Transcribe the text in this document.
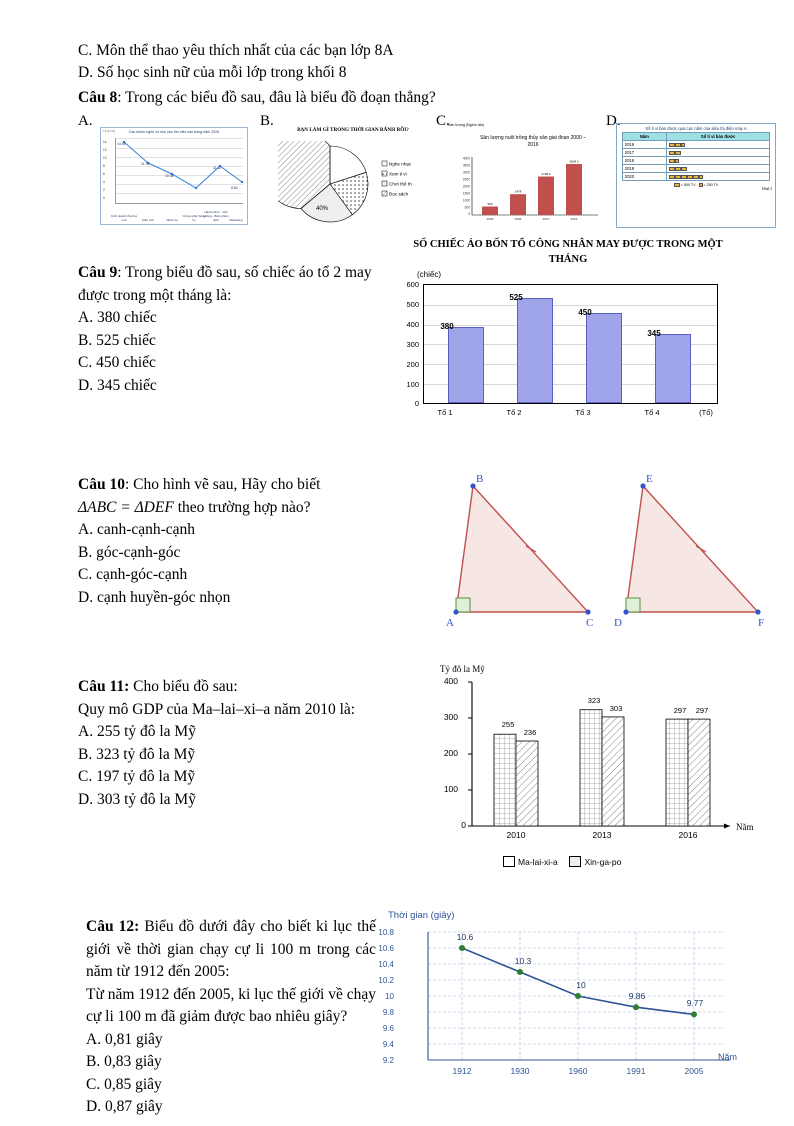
C. Môn thể thao yêu thích nhất của các bạn lớp 8A
D. Số học sinh nữ của mỗi lớp trong khối 8
Câu 8: Trong các biểu đồ sau, đâu là biểu đồ đoạn thẳng?
A.
Tỷ lệ (%)	Các nhóm nghề có nhu cầu tìm việc cao trong năm 2020
14
12
10
8
6
4
2
0
14.55
11.78
10.38
11.12
8.84
Kinh doanh thương mại	Kiến trúc	Nhân sự
Công nghệ thông tin
Hành chính - Văn phòng - Biên phiên dịch	Marketing
B.
BẠN LÀM GÌ TRONG THỜI GIAN RÃNH RỖI?
40%
Nghe nhạc
Xem ti vi
Chơi thể th
Đọc sách
C.
Sản lượng (Nghìn tấn)
Sản lượng nuôi trồng thủy sản giai đoạn 2000 – 2016
4000
3500
3000
2500
2000
1500
1000
500
0
590
1478
2728.3
3604.3
2000	2005	2010	2016
D.	Số ti vi bán được qua các năm của siêu thị điện máy A
Năm	Số ti vi bán được
2016	
2017	
2018	
2019	
2020	
= 500 TV = 250 TV
Hình 2
Câu 9: Trong biểu đồ sau, số chiếc áo tổ 2 may được trong một tháng là:
A. 380 chiếc
B. 525 chiếc
C. 450 chiếc
D. 345 chiếc
SỐ CHIẾC ÁO BỐN TỔ CÔNG NHÂN MAY ĐƯỢC TRONG MỘT THÁNG
(chiếc)
600
500
400
300
200
100
0
380
525
450
345
Tổ 1	Tổ 2	Tổ 3	Tổ 4	(Tổ)
Câu 10: Cho hình vẽ sau, Hãy cho biết
ΔABC = ΔDEF theo trường hợp nào?
A. canh-cạnh-cạnh
B. góc-cạnh-góc
C. cạnh-góc-cạnh
D. cạnh huyền-góc nhọn
B
A	C
E
D	F
Câu 11: Cho biểu đồ sau:
Quy mô GDP của Ma–lai–xi–a năm 2010 là:
A. 255 tỷ đô la Mỹ
B. 323 tỷ đô la Mỹ
C. 197 tỷ đô la Mỹ
D. 303 tỷ đô la Mỹ
Tỷ đô la Mỹ
0
100
200
300
400
255
236
323
303	297	297
2010	2013	2016
Năm
Ma-lai-xi-a	Xin-ga-po
Câu 12: Biểu đồ dưới đây cho biết ki lục thế giới về thời gian chạy cự li 100 m trong các năm từ 1912 đến 2005:
Từ năm 1912 đến 2005, ki lục thế giới về chạy cự li 100 m đã giảm được bao nhiêu giây?
A. 0,81 giây
B. 0,83 giây
C. 0,85 giây
D. 0,87 giây
Thời gian (giây)
10.8
10.6
10.4
10.2
10
9.8
9.6
9.4
9.2
10.6
10.3
10
9.86
9.77
1912	1930	1960	1991	2005
Năm
